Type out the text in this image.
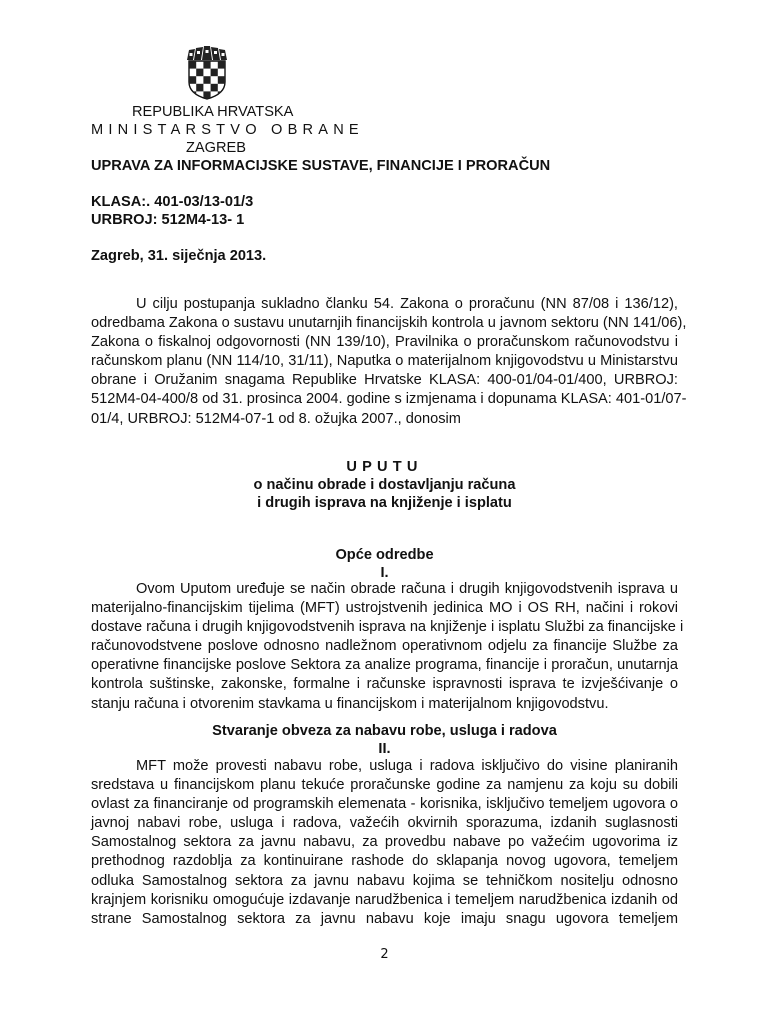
REPUBLIKA HRVATSKA
MINISTARSTVO OBRANE
ZAGREB
UPRAVA ZA INFORMACIJSKE SUSTAVE, FINANCIJE I PRORAČUN
KLASA:. 401-03/13-01/3
URBROJ: 512M4-13- 1
Zagreb, 31. siječnja 2013.
U cilju postupanja sukladno članku 54. Zakona o proračunu (NN 87/08 i 136/12),
odredbama Zakona o sustavu unutarnjih financijskih kontrola u javnom sektoru (NN 141/06),
Zakona o fiskalnoj odgovornosti (NN 139/10), Pravilnika o proračunskom računovodstvu i
računskom planu (NN 114/10, 31/11), Naputka o materijalnom knjigovodstvu u Ministarstvu
obrane i Oružanim snagama Republike Hrvatske KLASA: 400-01/04-01/400, URBROJ:
512M4-04-400/8 od 31. prosinca 2004. godine s izmjenama i dopunama KLASA: 401-01/07-
01/4, URBROJ: 512M4-07-1 od 8. ožujka 2007., donosim
UPUTU
o načinu obrade i dostavljanju računa
i drugih isprava na knjiženje i isplatu
Opće odredbe
I.
Ovom Uputom uređuje se način obrade računa i drugih knjigovodstvenih isprava u
materijalno-financijskim tijelima (MFT) ustrojstvenih jedinica MO i OS RH, načini i rokovi
dostave računa i drugih knjigovodstvenih isprava na knjiženje i isplatu Službi za financijske i
računovodstvene poslove odnosno nadležnom operativnom odjelu za financije Službe za
operativne financijske poslove Sektora za analize programa, financije i proračun, unutarnja
kontrola suštinske, zakonske, formalne i računske ispravnosti isprava te izvješćivanje o
stanju računa i otvorenim stavkama u financijskom i materijalnom knjigovodstvu.
Stvaranje obveza za nabavu robe, usluga i radova
II.
MFT može provesti nabavu robe, usluga i radova isključivo do visine planiranih
sredstava u financijskom planu tekuće proračunske godine za namjenu za koju su dobili
ovlast za financiranje od programskih elemenata - korisnika, isključivo temeljem ugovora o
javnoj nabavi robe, usluga i radova, važećih okvirnih sporazuma, izdanih suglasnosti
Samostalnog sektora za javnu nabavu, za provedbu nabave po važećim ugovorima iz
prethodnog razdoblja za kontinuirane rashode do sklapanja novog ugovora, temeljem
odluka Samostalnog sektora za javnu nabavu kojima se tehničkom nositelju odnosno
krajnjem korisniku omogućuje izdavanje narudžbenica i temeljem narudžbenica izdanih od
strane Samostalnog sektora za javnu nabavu koje imaju snagu ugovora temeljem
2
